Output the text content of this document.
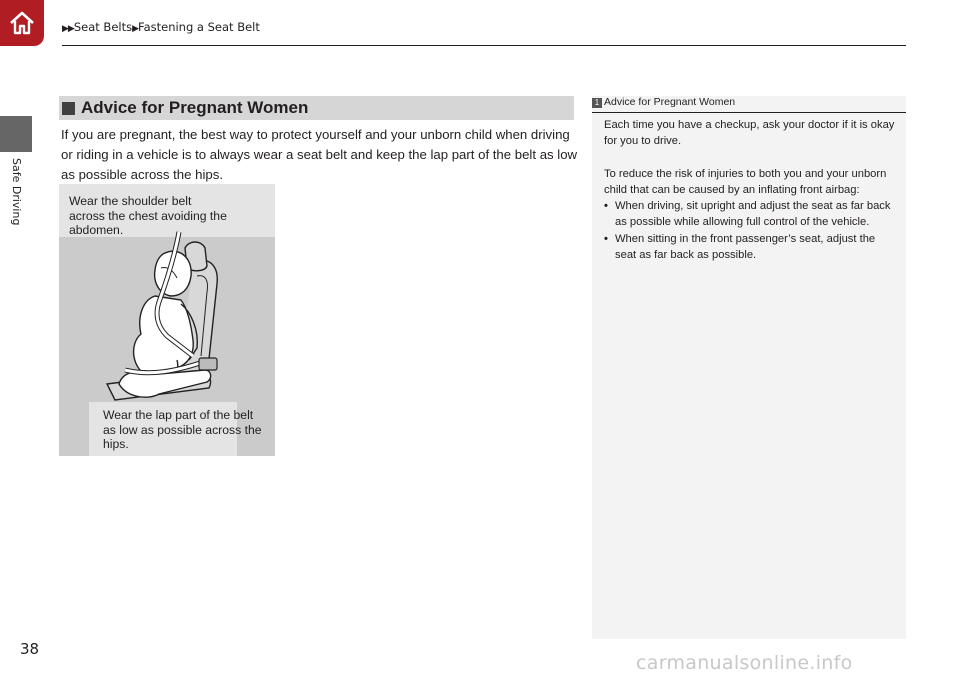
▶▶Seat Belts▶Fastening a Seat Belt
Safe Driving
38
Advice for Pregnant Women
If you are pregnant, the best way to protect yourself and your unborn child when driving or riding in a vehicle is to always wear a seat belt and keep the lap part of the belt as low as possible across the hips.
Wear the shoulder belt across the chest avoiding the abdomen.
Wear the lap part of the belt as low as possible across the hips.
1 Advice for Pregnant Women

Each time you have a checkup, ask your doctor if it is okay for you to drive.

To reduce the risk of injuries to both you and your unborn child that can be caused by an inflating front airbag:

• When driving, sit upright and adjust the seat as far back as possible while allowing full control of the vehicle.
• When sitting in the front passenger’s seat, adjust the seat as far back as possible.
carmanualsonline.info
